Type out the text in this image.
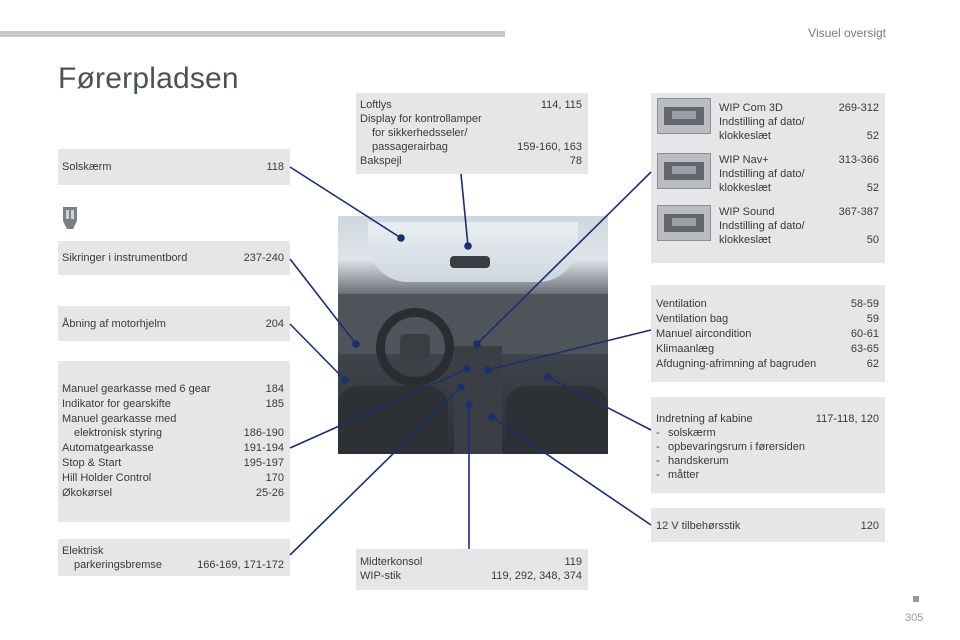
Visuel oversigt
Førerpladsen
Solskærm	118
Sikringer i instrumentbord	237-240
Åbning af motorhjelm	204
Manuel gearkasse med 6 gear	184
Indikator for gearskifte	185
Manuel gearkasse med
elektronisk styring	186-190
Automatgearkasse	191-194
Stop & Start	195-197
Hill Holder Control	170
Økokørsel	25-26
Elektrisk
parkeringsbremse	166-169, 171-172
Loftlys	114, 115
Display for kontrollamper
for sikkerhedsseler/
passagerairbag	159-160, 163
Bakspejl	78
Midterkonsol	119
WIP-stik	119, 292, 348, 374
WIP Com 3D	269-312
Indstilling af dato/
klokkeslæt	52
WIP Nav+	313-366
Indstilling af dato/
klokkeslæt	52
WIP Sound	367-387
Indstilling af dato/
klokkeslæt	50
Ventilation	58-59
Ventilation bag	59
Manuel aircondition	60-61
Klimaanlæg	63-65
Afdugning-afrimning af bagruden	62
Indretning af kabine	117-118, 120
- solskærm
- opbevaringsrum i førersiden
- handskerum
- måtter
12 V tilbehørsstik	120
305
